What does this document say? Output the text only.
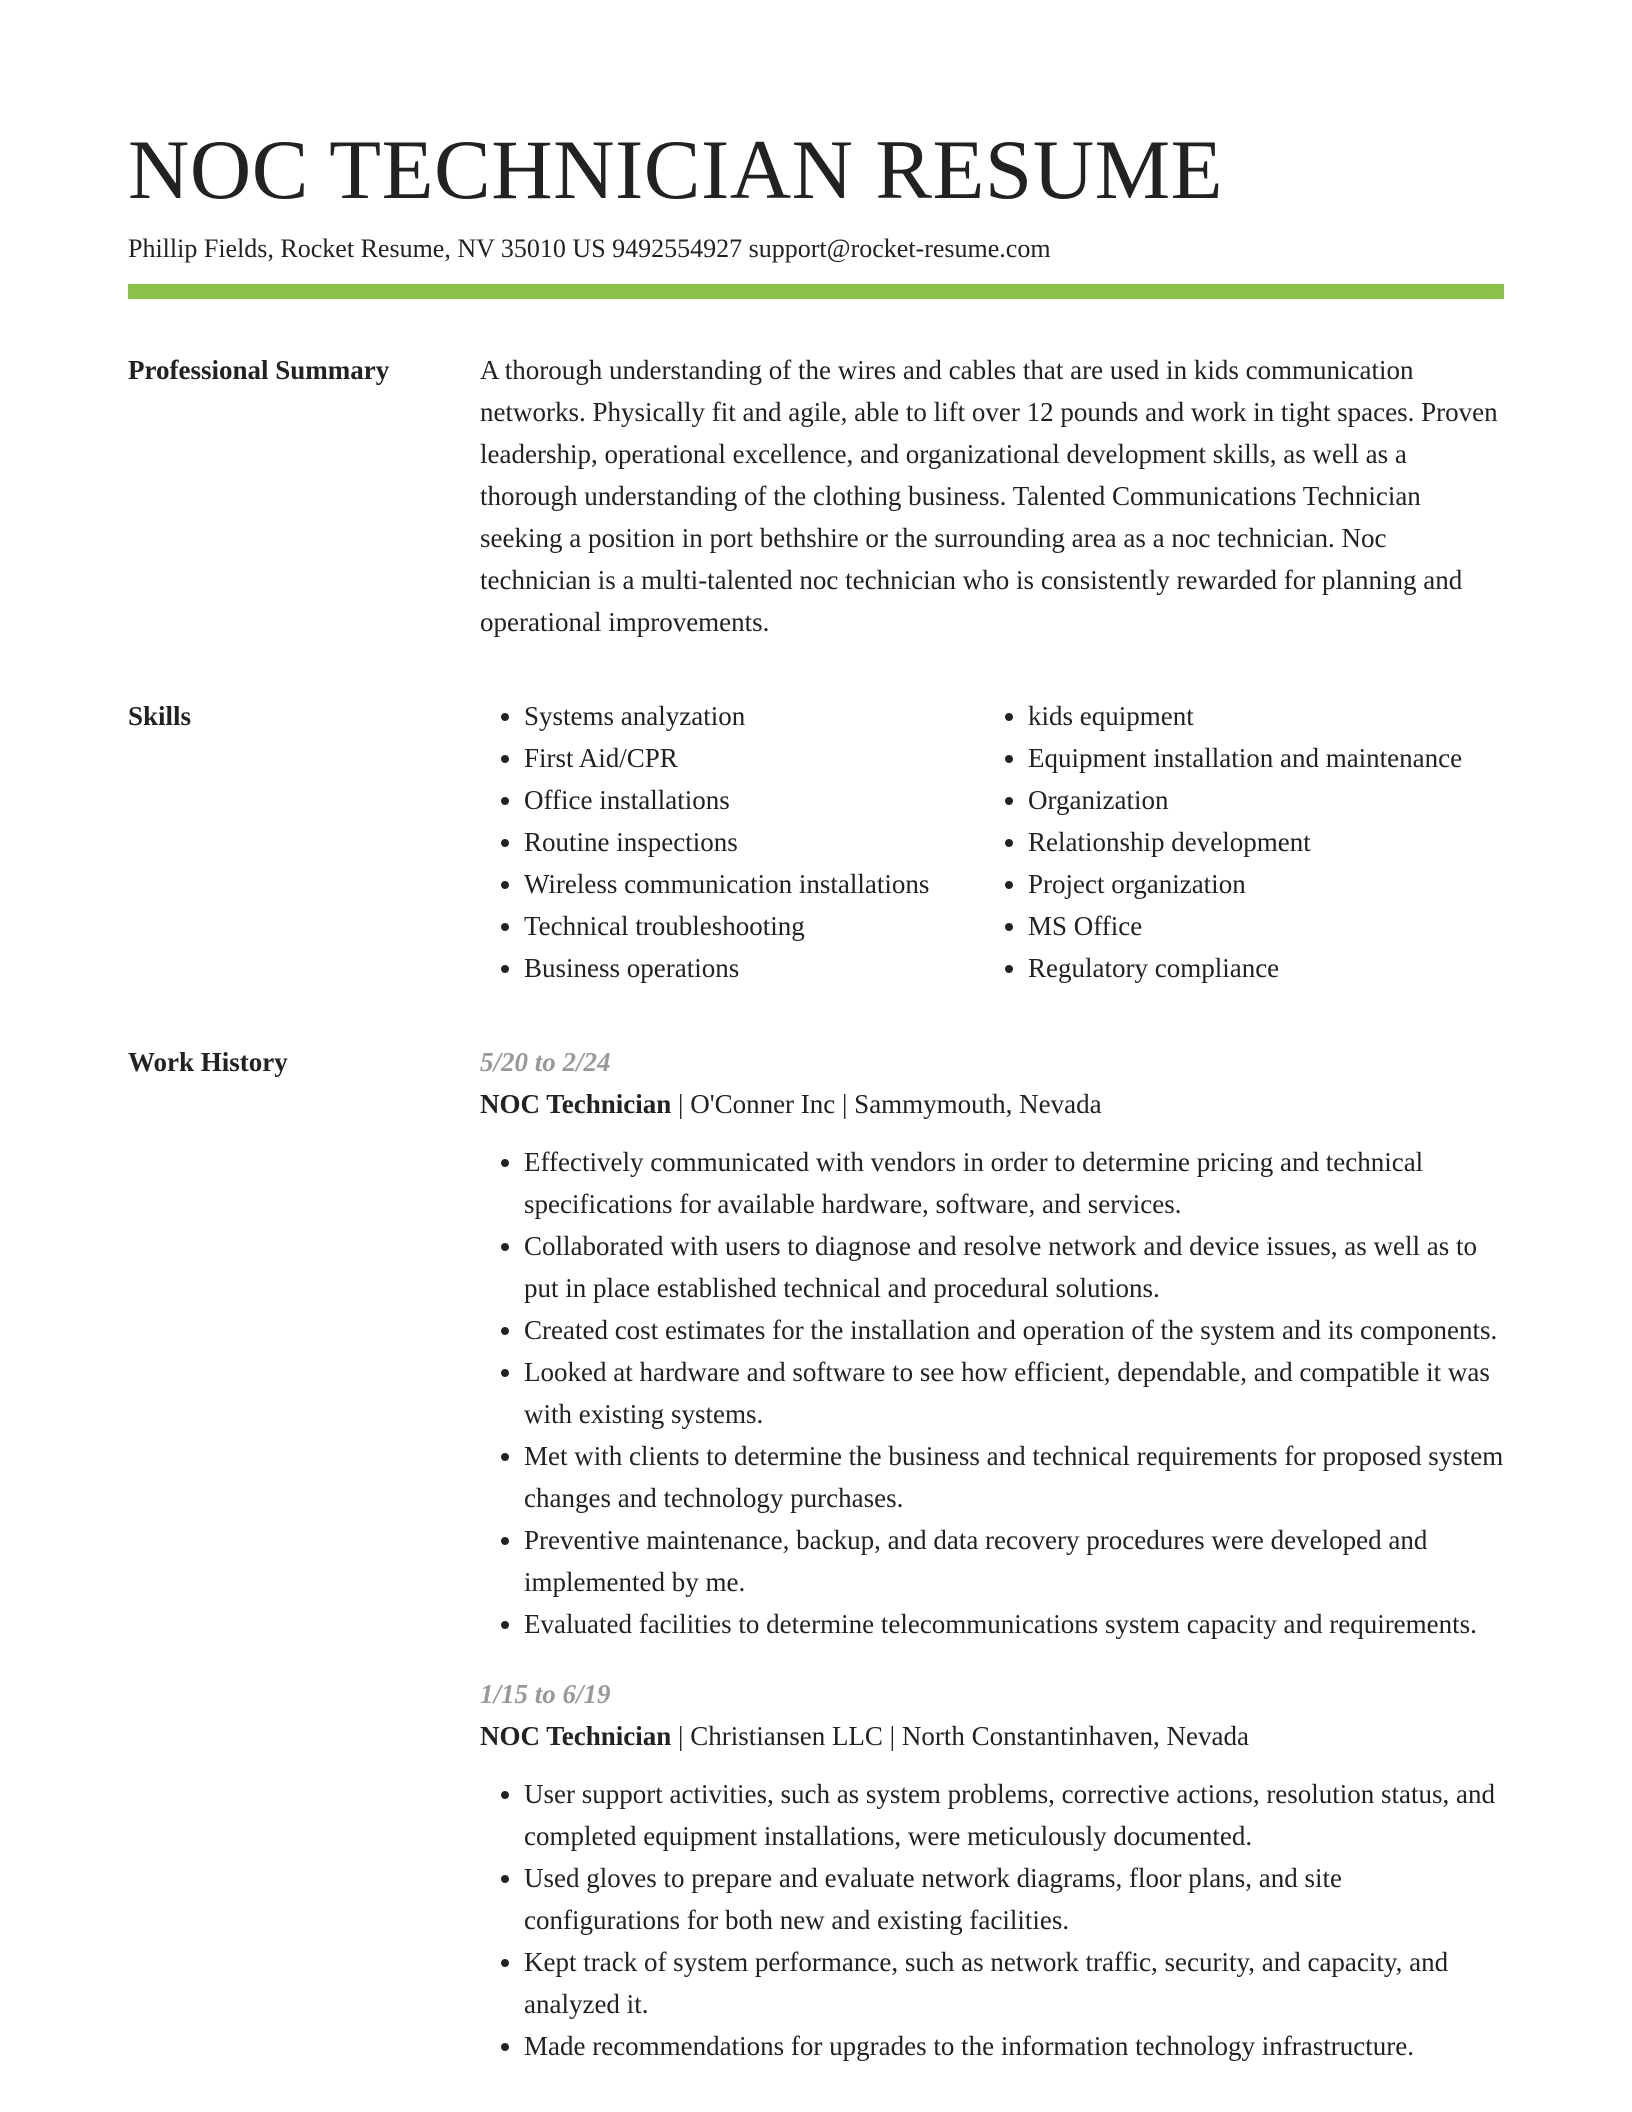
NOC TECHNICIAN RESUME
Phillip Fields, Rocket Resume, NV 35010 US 9492554927 support@rocket-resume.com
Professional Summary	A thorough understanding of the wires and cables that are used in kids communication networks. Physically fit and agile, able to lift over 12 pounds and work in tight spaces. Proven leadership, operational excellence, and organizational development skills, as well as a thorough understanding of the clothing business. Talented Communications Technician seeking a position in port bethshire or the surrounding area as a noc technician. Noc technician is a multi-talented noc technician who is consistently rewarded for planning and operational improvements.

Skills
•	Systems analyzation
• First Aid/CPR
• Office installations
• Routine inspections
• Wireless communication installations
• Technical troubleshooting
• Business operations
• kids equipment
• Equipment installation and maintenance
• Organization
• Relationship development
• Project organization
• MS Office
• Regulatory compliance
Work History	5/20 to 2/24
NOC Technician | O'Conner Inc | Sammymouth, Nevada
• Effectively communicated with vendors in order to determine pricing and technical specifications for available hardware, software, and services.
• Collaborated with users to diagnose and resolve network and device issues, as well as to put in place established technical and procedural solutions.
• Created cost estimates for the installation and operation of the system and its components.
• Looked at hardware and software to see how efficient, dependable, and compatible it was with existing systems.
• Met with clients to determine the business and technical requirements for proposed system changes and technology purchases.
• Preventive maintenance, backup, and data recovery procedures were developed and implemented by me.
• Evaluated facilities to determine telecommunications system capacity and requirements.
1/15 to 6/19
NOC Technician | Christiansen LLC | North Constantinhaven, Nevada
• User support activities, such as system problems, corrective actions, resolution status, and completed equipment installations, were meticulously documented.
• Used gloves to prepare and evaluate network diagrams, floor plans, and site configurations for both new and existing facilities.
• Kept track of system performance, such as network traffic, security, and capacity, and analyzed it.
• Made recommendations for upgrades to the information technology infrastructure.
